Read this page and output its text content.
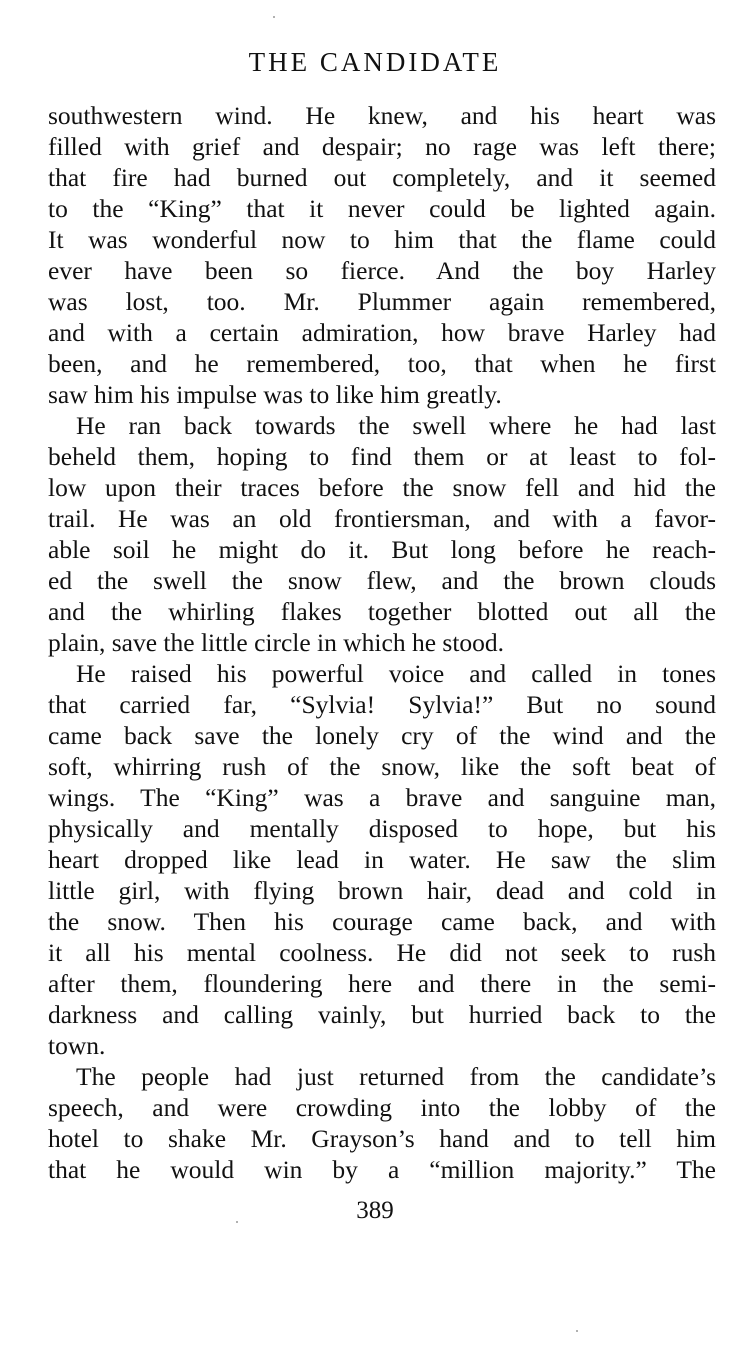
THE CANDIDATE

southwestern wind. He knew, and his heart was
filled with grief and despair; no rage was left there;
that fire had burned out completely, and it seemed
to the “King” that it never could be lighted again.
It was wonderful now to him that the flame could
ever have been so fierce. And the boy Harley
was lost, too. Mr. Plummer again remembered,
and with a certain admiration, how brave Harley had
been, and he remembered, too, that when he first
saw him his impulse was to like him greatly.

He ran back towards the swell where he had last
beheld them, hoping to find them or at least to fol-
low upon their traces before the snow fell and hid the
trail. He was an old frontiersman, and with a favor-
able soil he might do it. But long before he reach-
ed the swell the snow flew, and the brown clouds
and the whirling flakes together blotted out all the
plain, save the little circle in which he stood.

He raised his powerful voice and called in tones
that carried far, “Sylvia! Sylvia!” But no sound
came back save the lonely cry of the wind and the
soft, whirring rush of the snow, like the soft beat of
wings. The “King” was a brave and sanguine man,
physically and mentally disposed to hope, but his
heart dropped like lead in water. He saw the slim
little girl, with flying brown hair, dead and cold in
the snow. Then his courage came back, and with
it all his mental coolness. He did not seek to rush
after them, floundering here and there in the semi-
darkness and calling vainly, but hurried back to the
town.

The people had just returned from the candidate’s
speech, and were crowding into the lobby of the
hotel to shake Mr. Grayson’s hand and to tell him
that he would win by a “million majority.” The

389
